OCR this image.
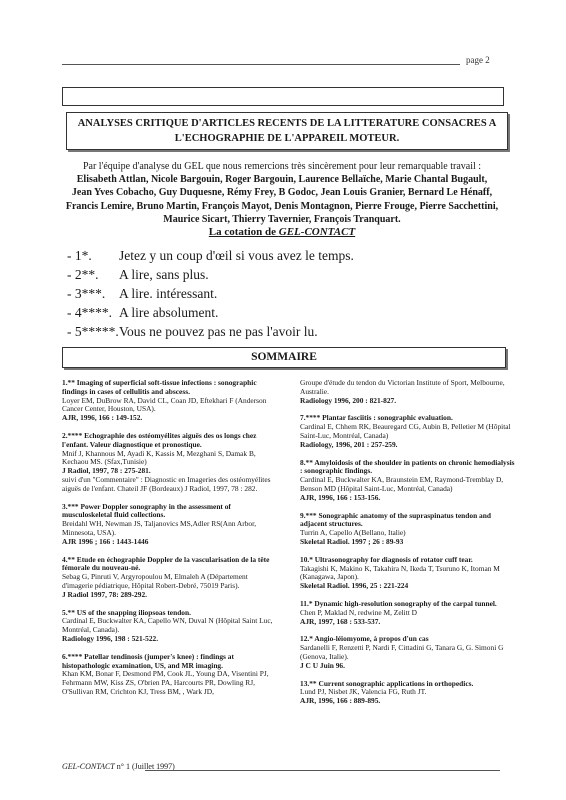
page 2
ANALYSES CRITIQUE D'ARTICLES RECENTS DE LA LITTERATURE CONSACRES A
L'ECHOGRAPHIE DE L'APPAREIL MOTEUR.
Par l'équipe d'analyse du GEL que nous remercions très sincèrement pour leur remarquable travail :
Elisabeth Attlan, Nicole Bargouin, Roger Bargouin, Laurence Bellaïche, Marie Chantal Bugault,
Jean Yves Cobacho, Guy Duquesne, Rémy Frey, B Godoc, Jean Louis Granier, Bernard Le Hénaff,
Francis Lemire, Bruno Martin, François Mayot, Denis Montagnon, Pierre Frouge, Pierre Sacchettini,
Maurice Sicart, Thierry Tavernier, François Tranquart.
La cotation de GEL-CONTACT
- 1*.	Jetez y un coup d'œil si vous avez le temps.
- 2**.	A lire, sans plus.
- 3***.	A lire. intéressant.
- 4****. A lire absolument.
- 5*****. Vous ne pouvez pas ne pas l'avoir lu.
SOMMAIRE
1.** Imaging of superficial soft-tissue infections : sonographic findings in cases of cellulitis and abscess.
Loyer EM, DuBrow RA, David CL, Coan JD, Eftekhari F (Anderson Cancer Center, Houston, USA).
AJR, 1996, 166 : 149-152.
2.**** Echographie des ostéomyélites aiguës des os longs chez l'enfant. Valeur diagnostique et pronostique.
Mnif J, Khannous M, Ayadi K, Kassis M, Mezghani S, Damak B, Kechaou MS. (Sfax,Tunisie)
J Radiol, 1997, 78 : 275-281.
suivi d'un "Commentaire" : Diagnostic en Imageries des ostéomyélites aiguës de l'enfant. Chateil JF (Bordeaux) J Radiol, 1997, 78 : 282.
3.*** Power Doppler sonography in the assessment of musculoskeletal fluid collections.
Breidahl WH, Newman JS, Taljanovics MS,Adler RS(Ann Arbor, Minnesota, USA).
AJR 1996 ; 166 : 1443-1446
4.** Etude en échographie Doppler de la vascularisation de la tête fémorale du nouveau-né.
Sebag G, Pinruti V, Argyropoulou M, Elmaleh A (Département d'imagerie pédiatrique, Hôpital Robert-Debré, 75019 Paris).
J Radiol 1997, 78: 289-292.
5.** US of the snapping iliopsoas tendon.
Cardinal E, Buckwalter KA, Capello WN, Duval N (Hôpital Saint Luc, Montréal, Canada).
Radiology 1996, 198 : 521-522.
6.**** Patellar tendinosis (jumper's knee) : findings at histopathologic examination, US, and MR imaging.
Khan KM, Bonar F, Desmond PM, Cook JL, Young DA, Visentini PJ, Fehrmann MW, Kiss ZS, O'brien PA, Harcourts PR, Dowling RJ, O'Sullivan RM, Crichton KJ, Tress BM, , Wark JD,
Groupe d'étude du tendon du Victorian Institute of Sport, Melbourne, Australie.
Radiology 1996, 200 : 821-827.
7.**** Plantar fasciitis : sonographic evaluation.
Cardinal E, Chhem RK, Beauregard CG, Aubin B, Pelletier M (Hôpital Saint-Luc, Montréal, Canada)
Radiology, 1996, 201 : 257-259.
8.** Amyloidosis of the shoulder in patients on chronic hemodialysis : sonographic findings.
Cardinal E, Buckwalter KA, Braunstein EM, Raymond-Tremblay D, Benson MD (Hôpital Saint-Luc, Montréal, Canada)
AJR, 1996, 166 : 153-156.
9.*** Sonographic anatomy of the supraspinatus tendon and adjacent structures.
Turrin A, Capello A(Bellano, Italie)
Skeletal Radiol. 1997 ; 26 : 89-93
10.* Ultrasonography for diagnosis of rotator cuff tear.
Takagishi K, Makino K, Takahira N, Ikeda T, Tsuruno K, Itoman M (Kanagawa, Japon).
Skeletal Radiol. 1996, 25 : 221-224
11.* Dynamic high-resolution sonography of the carpal tunnel.
Chen P, Maklad N, redwine M, Zelitt D
AJR, 1997, 168 : 533-537.
12.* Angio-léiomyome, à propos d'un cas
Sardanelli F, Renzetti P, Nardi F, Cittadini G, Tanara G, G. Simoni G (Genova, Italie).
J C U Juin 96.
13.** Current sonographic applications in orthopedics.
Lund PJ, Nisbet JK, Valencia FG, Ruth JT.
AJR, 1996, 166 : 889-895.
GEL-CONTACT n° 1 (Juillet 1997)
